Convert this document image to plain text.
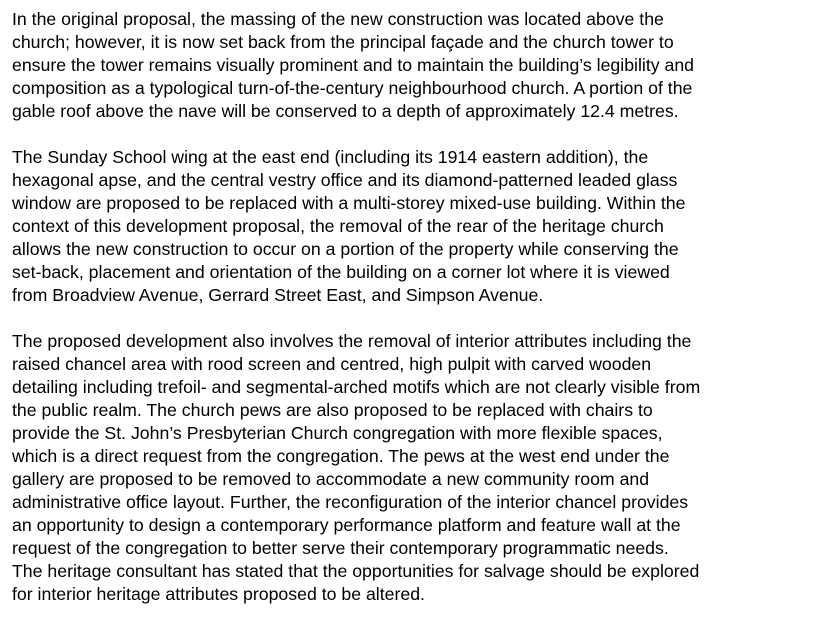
In the original proposal, the massing of the new construction was located above the
church; however, it is now set back from the principal façade and the church tower to
ensure the tower remains visually prominent and to maintain the building’s legibility and
composition as a typological turn-of-the-century neighbourhood church. A portion of the
gable roof above the nave will be conserved to a depth of approximately 12.4 metres.

The Sunday School wing at the east end (including its 1914 eastern addition), the
hexagonal apse, and the central vestry office and its diamond-patterned leaded glass
window are proposed to be replaced with a multi-storey mixed-use building. Within the
context of this development proposal, the removal of the rear of the heritage church
allows the new construction to occur on a portion of the property while conserving the
set-back, placement and orientation of the building on a corner lot where it is viewed
from Broadview Avenue, Gerrard Street East, and Simpson Avenue.

The proposed development also involves the removal of interior attributes including the
raised chancel area with rood screen and centred, high pulpit with carved wooden
detailing including trefoil- and segmental-arched motifs which are not clearly visible from
the public realm. The church pews are also proposed to be replaced with chairs to
provide the St. John’s Presbyterian Church congregation with more flexible spaces,
which is a direct request from the congregation. The pews at the west end under the
gallery are proposed to be removed to accommodate a new community room and
administrative office layout. Further, the reconfiguration of the interior chancel provides
an opportunity to design a contemporary performance platform and feature wall at the
request of the congregation to better serve their contemporary programmatic needs.
The heritage consultant has stated that the opportunities for salvage should be explored
for interior heritage attributes proposed to be altered.
